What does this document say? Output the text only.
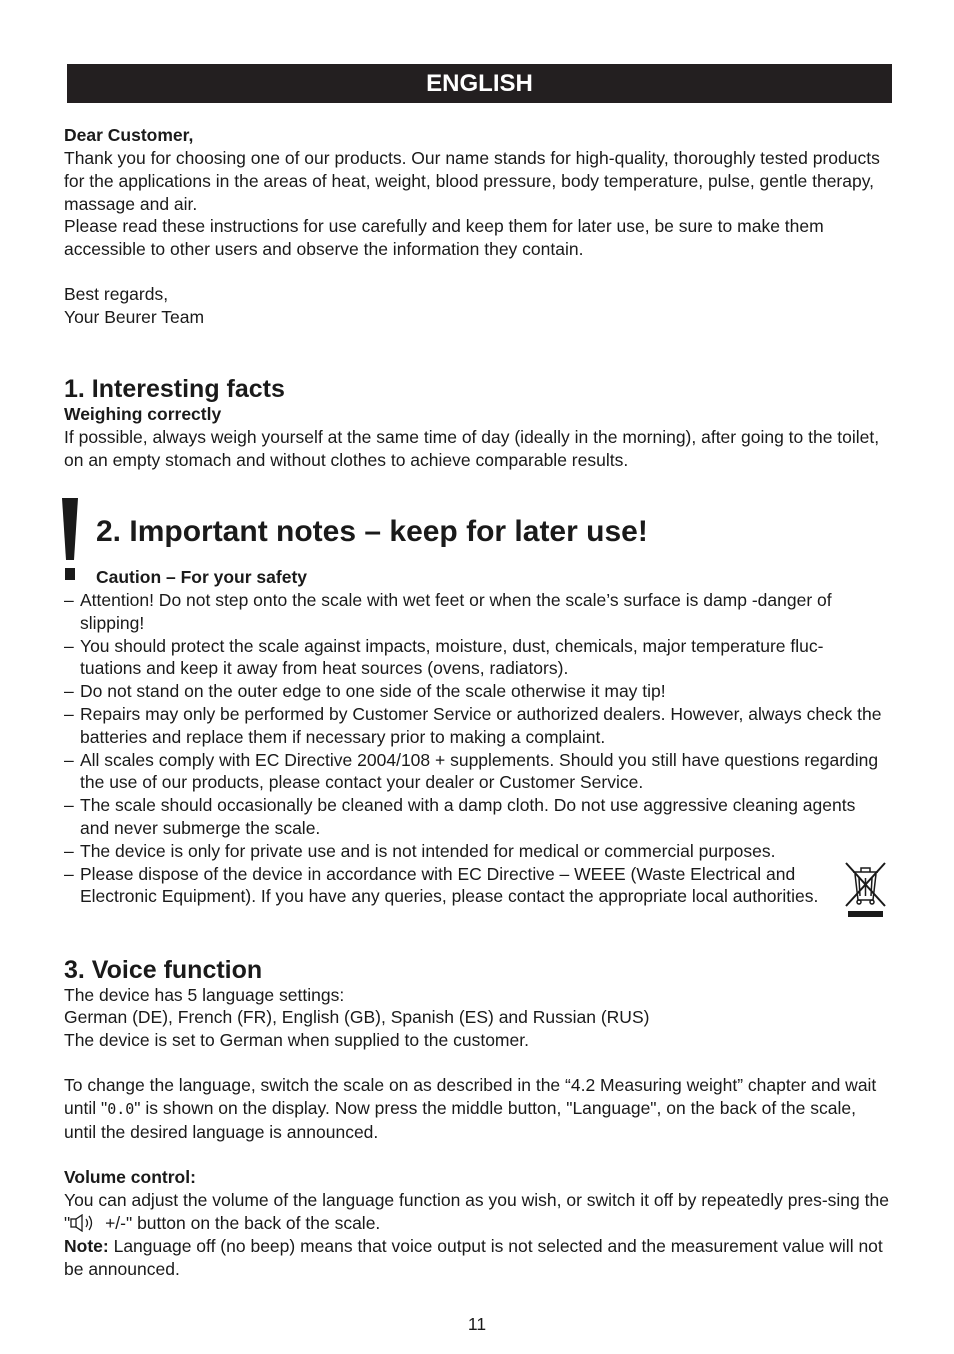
ENGLISH

Dear Customer,

Thank you for choosing one of our products. Our name stands for high-quality, thoroughly tested products for the applications in the areas of heat, weight, blood pressure, body temperature, pulse, gentle therapy, massage and air.

Please read these instructions for use carefully and keep them for later use, be sure to make them accessible to other users and observe the information they contain.

Best regards,

Your Beurer Team

1. Interesting facts

Weighing correctly

If possible, always weigh yourself at the same time of day (ideally in the morning), after going to the toilet, on an empty stomach and without clothes to achieve comparable results.

2. Important notes – keep for later use!

Caution – For your safety

– Attention! Do not step onto the scale with wet feet or when the scale’s surface is damp -danger of slipping!
– You should protect the scale against impacts, moisture, dust, chemicals, major temperature fluc-tuations and keep it away from heat sources (ovens, radiators).
– Do not stand on the outer edge to one side of the scale otherwise it may tip!
– Repairs may only be performed by Customer Service or authorized dealers. However, always check the batteries and replace them if necessary prior to making a complaint.
– All scales comply with EC Directive 2004/108 + supplements. Should you still have questions regarding the use of our products, please contact your dealer or Customer Service.
– The scale should occasionally be cleaned with a damp cloth. Do not use aggressive cleaning agents and never submerge the scale.
– The device is only for private use and is not intended for medical or commercial purposes.
– Please dispose of the device in accordance with EC Directive – WEEE (Waste Electrical and Electronic Equipment). If you have any queries, please contact the appropriate local authorities.
3. Voice function

The device has 5 language settings:

German (DE), French (FR), English (GB), Spanish (ES) and Russian (RUS)

The device is set to German when supplied to the customer.

To change the language, switch the scale on as described in the “4.2 Measuring weight” chapter and wait until "0.0" is shown on the display. Now press the middle button, "Language", on the back of the scale, until the desired language is announced.

Volume control:

You can adjust the volume of the language function as you wish, or switch it off by repeatedly pres-sing the " +/-" button on the back of the scale.

Note: Language off (no beep) means that voice output is not selected and the measurement value will not be announced.

11
